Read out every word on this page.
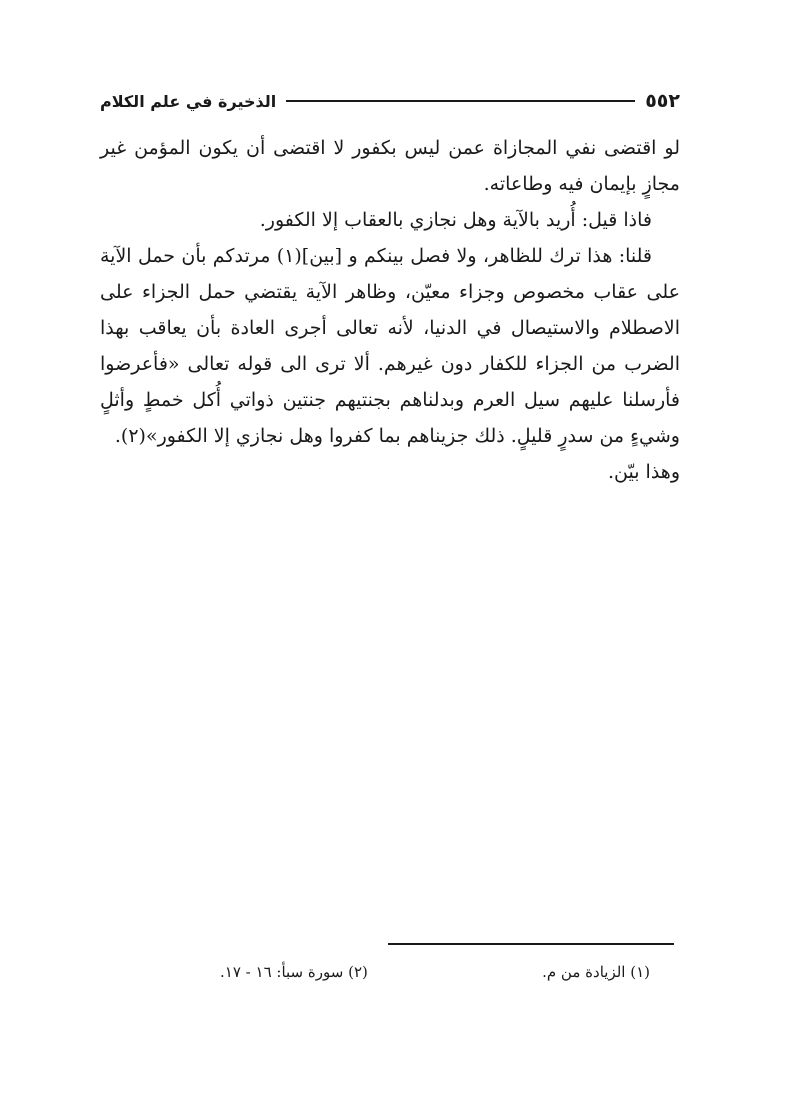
٥٥٢
الذخيرة في علم الكلام

لو اقتضى نفي المجازاة عمن ليس بكفور لا اقتضى أن يكون المؤمن غير مجازٍ بإيمان فيه وطاعاته.

فاذا قيل: أُريد بالآية وهل نجازي بالعقاب إلا الكفور.

قلنا: هذا ترك للظاهر، ولا فصل بينكم و [بين](١) مرتدكم بأن حمل الآية على عقاب مخصوص وجزاء معيّن، وظاهر الآية يقتضي حمل الجزاء على الاصطلام والاستيصال في الدنيا، لأنه تعالى أجرى العادة بأن يعاقب بهذا الضرب من الجزاء للكفار دون غيرهم. ألا ترى الى قوله تعالى «فأعرضوا فأرسلنا عليهم سيل العرم وبدلناهم بجنتيهم جنتين ذواتي أُكل خمطٍ وأثلٍ وشيءٍ من سدرٍ قليلٍ. ذلك جزيناهم بما كفروا وهل نجازي إلا الكفور»(٢).

وهذا بيّن.

(١) الزيادة من م.
(٢) سورة سبأ: ١٦ - ١٧.
